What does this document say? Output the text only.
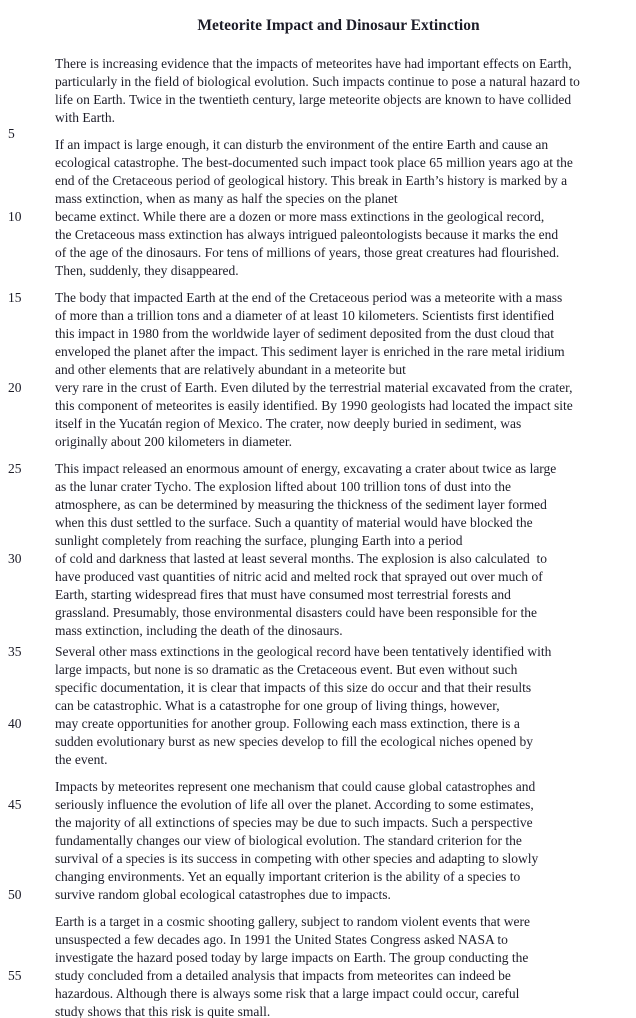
Meteorite Impact and Dinosaur Extinction
There is increasing evidence that the impacts of meteorites have had important effects on Earth,
particularly in the field of biological evolution. Such impacts continue to pose a natural hazard to
life on Earth. Twice in the twentieth century, large meteorite objects are known to have collided
with Earth.
5
If an impact is large enough, it can disturb the environment of the entire Earth and cause an
ecological catastrophe. The best-documented such impact took place 65 million years ago at the
end of the Cretaceous period of geological history. This break in Earth’s history is marked by a
mass extinction, when as many as half the species on the planet
10	became extinct. While there are a dozen or more mass extinctions in the geological record,
the Cretaceous mass extinction has always intrigued paleontologists because it marks the end
of the age of the dinosaurs. For tens of millions of years, those great creatures had flourished.
Then, suddenly, they disappeared.
15	The body that impacted Earth at the end of the Cretaceous period was a meteorite with a mass
of more than a trillion tons and a diameter of at least 10 kilometers. Scientists first identified
this impact in 1980 from the worldwide layer of sediment deposited from the dust cloud that
enveloped the planet after the impact. This sediment layer is enriched in the rare metal iridium
and other elements that are relatively abundant in a meteorite but
20	very rare in the crust of Earth. Even diluted by the terrestrial material excavated from the crater,
this component of meteorites is easily identified. By 1990 geologists had located the impact site
itself in the Yucatán region of Mexico. The crater, now deeply buried in sediment, was
originally about 200 kilometers in diameter.
25	This impact released an enormous amount of energy, excavating a crater about twice as large
as the lunar crater Tycho. The explosion lifted about 100 trillion tons of dust into the
atmosphere, as can be determined by measuring the thickness of the sediment layer formed
when this dust settled to the surface. Such a quantity of material would have blocked the
sunlight completely from reaching the surface, plunging Earth into a period
30	of cold and darkness that lasted at least several months. The explosion is also calculated  to
have produced vast quantities of nitric acid and melted rock that sprayed out over much of
Earth, starting widespread fires that must have consumed most terrestrial forests and
grassland. Presumably, those environmental disasters could have been responsible for the
mass extinction, including the death of the dinosaurs.
35	Several other mass extinctions in the geological record have been tentatively identified with
large impacts, but none is so dramatic as the Cretaceous event. But even without such
specific documentation, it is clear that impacts of this size do occur and that their results
can be catastrophic. What is a catastrophe for one group of living things, however,
40	may create opportunities for another group. Following each mass extinction, there is a
sudden evolutionary burst as new species develop to fill the ecological niches opened by
the event.
Impacts by meteorites represent one mechanism that could cause global catastrophes and
45	seriously influence the evolution of life all over the planet. According to some estimates,
the majority of all extinctions of species may be due to such impacts. Such a perspective
fundamentally changes our view of biological evolution. The standard criterion for the
survival of a species is its success in competing with other species and adapting to slowly
changing environments. Yet an equally important criterion is the ability of a species to
50	survive random global ecological catastrophes due to impacts.
Earth is a target in a cosmic shooting gallery, subject to random violent events that were
unsuspected a few decades ago. In 1991 the United States Congress asked NASA to
investigate the hazard posed today by large impacts on Earth. The group conducting the
55	study concluded from a detailed analysis that impacts from meteorites can indeed be
hazardous. Although there is always some risk that a large impact could occur, careful
study shows that this risk is quite small.
